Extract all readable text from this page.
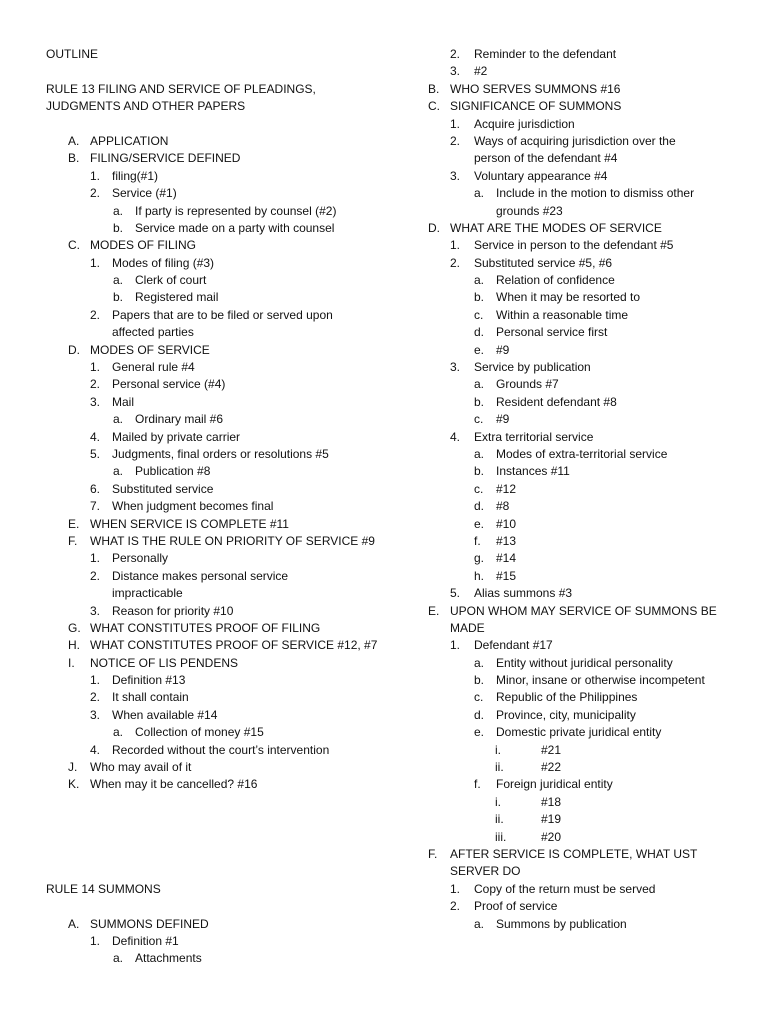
OUTLINE
RULE 13 FILING AND SERVICE OF PLEADINGS,
JUDGMENTS AND OTHER PAPERS
A. APPLICATION
B. FILING/SERVICE DEFINED
1. filing(#1)
2. Service (#1)
a. If party is represented by counsel (#2)
b. Service made on a party with counsel
C. MODES OF FILING
1. Modes of filing (#3)
a. Clerk of court
b. Registered mail
2. Papers that are to be filed or served upon
affected parties
D. MODES OF SERVICE
1. General rule #4
2. Personal service (#4)
3. Mail
a. Ordinary mail #6
4. Mailed by private carrier
5. Judgments, final orders or resolutions #5
a. Publication #8
6. Substituted service
7. When judgment becomes final
E. WHEN SERVICE IS COMPLETE #11
F. WHAT IS THE RULE ON PRIORITY OF SERVICE #9
1. Personally
2. Distance makes personal service
impracticable
3. Reason for priority #10
G. WHAT CONSTITUTES PROOF OF FILING
H. WHAT CONSTITUTES PROOF OF SERVICE #12, #7
I. NOTICE OF LIS PENDENS
1. Definition #13
2. It shall contain
3. When available #14
a. Collection of money #15
4. Recorded without the court’s intervention
J. Who may avail of it
K. When may it be cancelled? #16
RULE 14 SUMMONS
A. SUMMONS DEFINED
1. Definition #1
a. Attachments
2. Reminder to the defendant
3. #2
B. WHO SERVES SUMMONS #16
C. SIGNIFICANCE OF SUMMONS
1. Acquire jurisdiction
2. Ways of acquiring jurisdiction over the
person of the defendant #4
3. Voluntary appearance #4
a. Include in the motion to dismiss other
grounds #23
D. WHAT ARE THE MODES OF SERVICE
1. Service in person to the defendant #5
2. Substituted service #5, #6
a. Relation of confidence
b. When it may be resorted to
c. Within a reasonable time
d. Personal service first
e. #9
3. Service by publication
a. Grounds #7
b. Resident defendant #8
c. #9
4. Extra territorial service
a. Modes of extra-territorial service
b. Instances #11
c. #12
d. #8
e. #10
f. #13
g. #14
h. #15
5. Alias summons #3
E. UPON WHOM MAY SERVICE OF SUMMONS BE
MADE
1. Defendant #17
a. Entity without juridical personality
b. Minor, insane or otherwise incompetent
c. Republic of the Philippines
d. Province, city, municipality
e. Domestic private juridical entity
i.	#21
ii.	#22
f. Foreign juridical entity
i.	#18
ii.	#19
iii.	#20
F. AFTER SERVICE IS COMPLETE, WHAT UST
SERVER DO
1. Copy of the return must be served
2. Proof of service
a. Summons by publication
